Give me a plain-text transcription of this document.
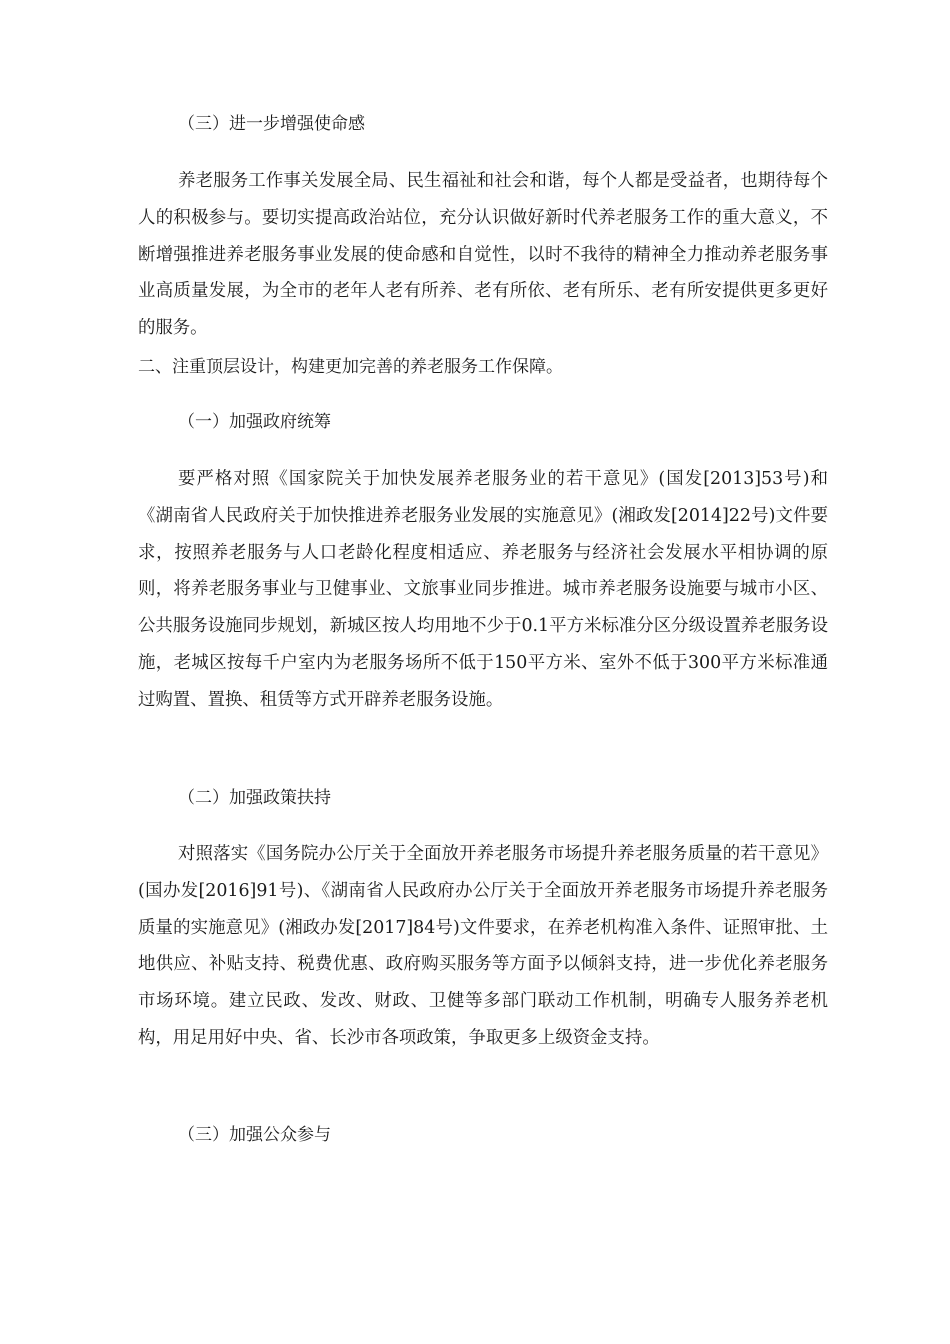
（三）进一步增强使命感

养老服务工作事关发展全局、民生福祉和社会和谐，每个人都是受益者，也期待每个人的积极参与。要切实提高政治站位，充分认识做好新时代养老服务工作的重大意义，不断增强推进养老服务事业发展的使命感和自觉性，以时不我待的精神全力推动养老服务事业高质量发展，为全市的老年人老有所养、老有所依、老有所乐、老有所安提供更多更好的服务。

二、注重顶层设计，构建更加完善的养老服务工作保障。
（一）加强政府统筹

要严格对照《国家院关于加快发展养老服务业的若干意见》(国发[2013]53号)和《湖南省人民政府关于加快推进养老服务业发展的实施意见》(湘政发[2014]22号)文件要求，按照养老服务与人口老龄化程度相适应、养老服务与经济社会发展水平相协调的原则，将养老服务事业与卫健事业、文旅事业同步推进。城市养老服务设施要与城市小区、公共服务设施同步规划，新城区按人均用地不少于0.1平方米标准分区分级设置养老服务设施，老城区按每千户室内为老服务场所不低于150平方米、室外不低于300平方米标准通过购置、置换、租赁等方式开辟养老服务设施。

（二）加强政策扶持

对照落实《国务院办公厅关于全面放开养老服务市场提升养老服务质量的若干意见》(国办发[2016]91号)、《湖南省人民政府办公厅关于全面放开养老服务市场提升养老服务质量的实施意见》(湘政办发[2017]84号)文件要求，在养老机构准入条件、证照审批、土地供应、补贴支持、税费优惠、政府购买服务等方面予以倾斜支持，进一步优化养老服务市场环境。建立民政、发改、财政、卫健等多部门联动工作机制，明确专人服务养老机构，用足用好中央、省、长沙市各项政策，争取更多上级资金支持。

（三）加强公众参与
